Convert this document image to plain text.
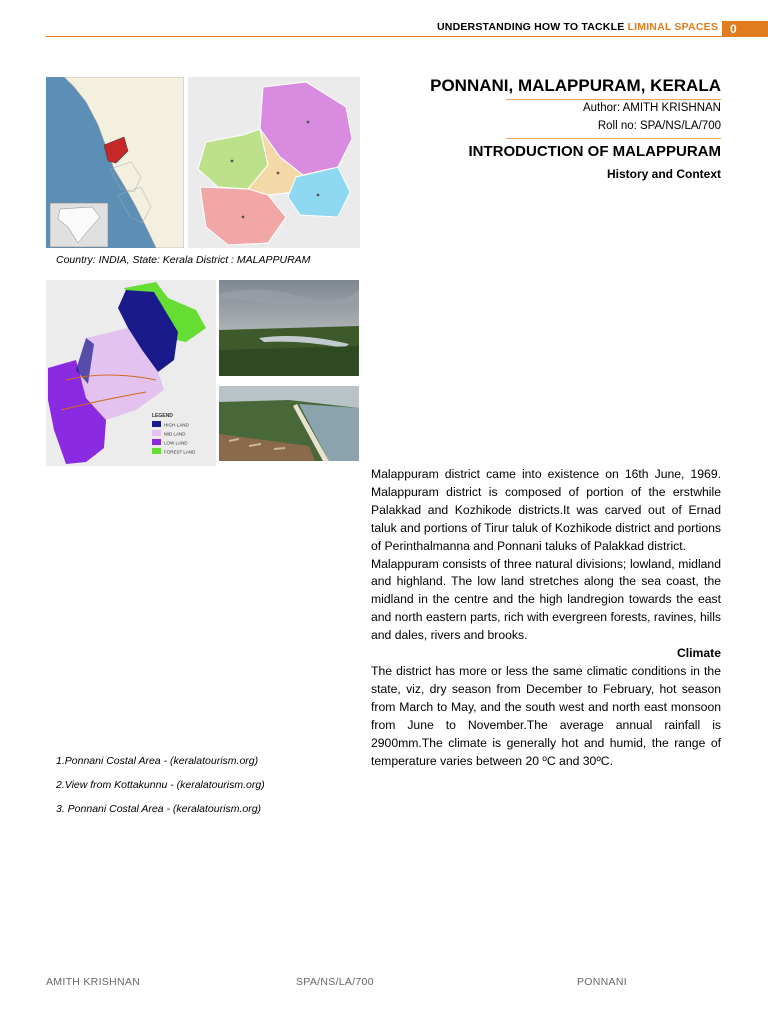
UNDERSTANDING HOW TO TACKLE LIMINAL SPACES 0
PONNANI, MALAPPURAM, KERALA
Author: AMITH KRISHNAN
Roll no: SPA/NS/LA/700
INTRODUCTION OF MALAPPURAM
History and Context
Country: INDIA, State: Kerala District : MALAPPURAM
LEGEND
HIGH-LAND
MID LAND
LOW LAND
FOREST LAND

Malappuram district came into existence on 16th June, 1969. Malappuram district is composed of portion of the erstwhile Palakkad and Kozhikode districts.It was carved out of Ernad taluk and portions of Tirur taluk of Kozhikode district and portions of Perinthalmanna and Ponnani taluks of Palakkad district.

Malappuram consists of three natural divisions; lowland, midland and highland. The low land stretches along the sea coast, the midland in the centre and the high landregion towards the east and north eastern parts, rich with evergreen forests, ravines, hills and dales, rivers and brooks.

Climate

The district has more or less the same climatic conditions in the state, viz, dry season from December to February, hot season from March to May, and the south west and north east monsoon from June to November.The average annual rainfall is 2900mm.The climate is generally hot and humid, the range of temperature varies between 20 ºC and 30ºC.

1.Ponnani Costal Area - (keralatourism.org)
2.View from Kottakunnu - (keralatourism.org)
3. Ponnani Costal Area - (keralatourism.org)
AMITH KRISHNAN	SPA/NS/LA/700	PONNANI
